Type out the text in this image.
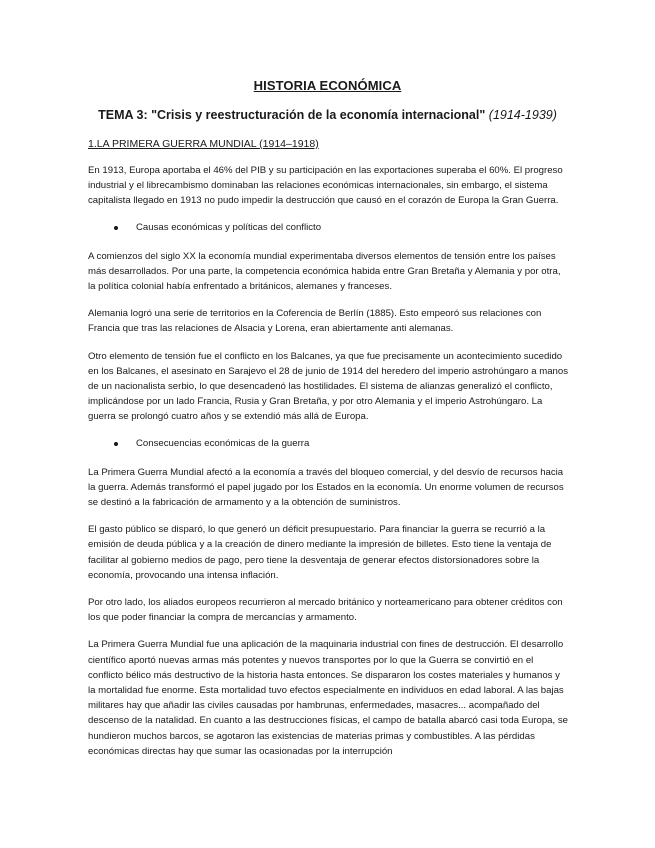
HISTORIA ECONÓMICA
TEMA 3: "Crisis y reestructuración de la economía internacional" (1914-1939)
1.LA PRIMERA GUERRA MUNDIAL (1914–1918)

En 1913, Europa aportaba el 46% del PIB y su participación en las exportaciones superaba el 60%. El progreso industrial y el librecambismo dominaban las relaciones económicas internacionales, sin embargo, el sistema capitalista llegado en 1913 no pudo impedir la destrucción que causó en el corazón de Europa la Gran Guerra.

Causas económicas y políticas del conflicto

A comienzos del siglo XX la economía mundial experimentaba diversos elementos de tensión entre los países más desarrollados. Por una parte, la competencia económica habida entre Gran Bretaña y Alemania y por otra, la política colonial había enfrentado a británicos, alemanes y franceses.

Alemania logró una serie de territorios en la Coferencia de Berlín (1885). Esto empeoró sus relaciones con Francia que tras las relaciones de Alsacia y Lorena, eran abiertamente anti alemanas.

Otro elemento de tensión fue el conflicto en los Balcanes, ya que fue precisamente un acontecimiento sucedido en los Balcanes, el asesinato en Sarajevo el 28 de junio de 1914 del heredero del imperio astrohúngaro a manos de un nacionalista serbio, lo que desencadenó las hostilidades. El sistema de alianzas generalizó el conflicto, implicándose por un lado Francia, Rusia y Gran Bretaña, y por otro Alemania y el imperio Astrohúngaro. La guerra se prolongó cuatro años y se extendió más allá de Europa.

Consecuencias económicas de la guerra

La Primera Guerra Mundial afectó a la economía a través del bloqueo comercial, y del desvío de recursos hacia la guerra. Además transformó el papel jugado por los Estados en la economía. Un enorme volumen de recursos se destinó a la fabricación de armamento y a la obtención de suministros.

El gasto público se disparó, lo que generó un déficit presupuestario. Para financiar la guerra se recurrió a la emisión de deuda pública y a la creación de dinero mediante la impresión de billetes. Esto tiene la ventaja de facilitar al gobierno medios de pago, pero tiene la desventaja de generar efectos distorsionadores sobre la economía, provocando una intensa inflación.

Por otro lado, los aliados europeos recurrieron al mercado británico y norteamericano para obtener créditos con los que poder financiar la compra de mercancías y armamento.

La Primera Guerra Mundial fue una aplicación de la maquinaria industrial con fines de destrucción. El desarrollo científico aportó nuevas armas más potentes y nuevos transportes por lo que la Guerra se convirtió en el conflicto bélico más destructivo de la historia hasta entonces. Se dispararon los costes materiales y humanos y la mortalidad fue enorme. Esta mortalidad tuvo efectos especialmente en individuos en edad laboral. A las bajas militares hay que añadir las civiles causadas por hambrunas, enfermedades, masacres... acompañado del descenso de la natalidad. En cuanto a las destrucciones físicas, el campo de batalla abarcó casi toda Europa, se hundieron muchos barcos, se agotaron las existencias de materias primas y combustibles. A las pérdidas económicas directas hay que sumar las ocasionadas por la interrupción
